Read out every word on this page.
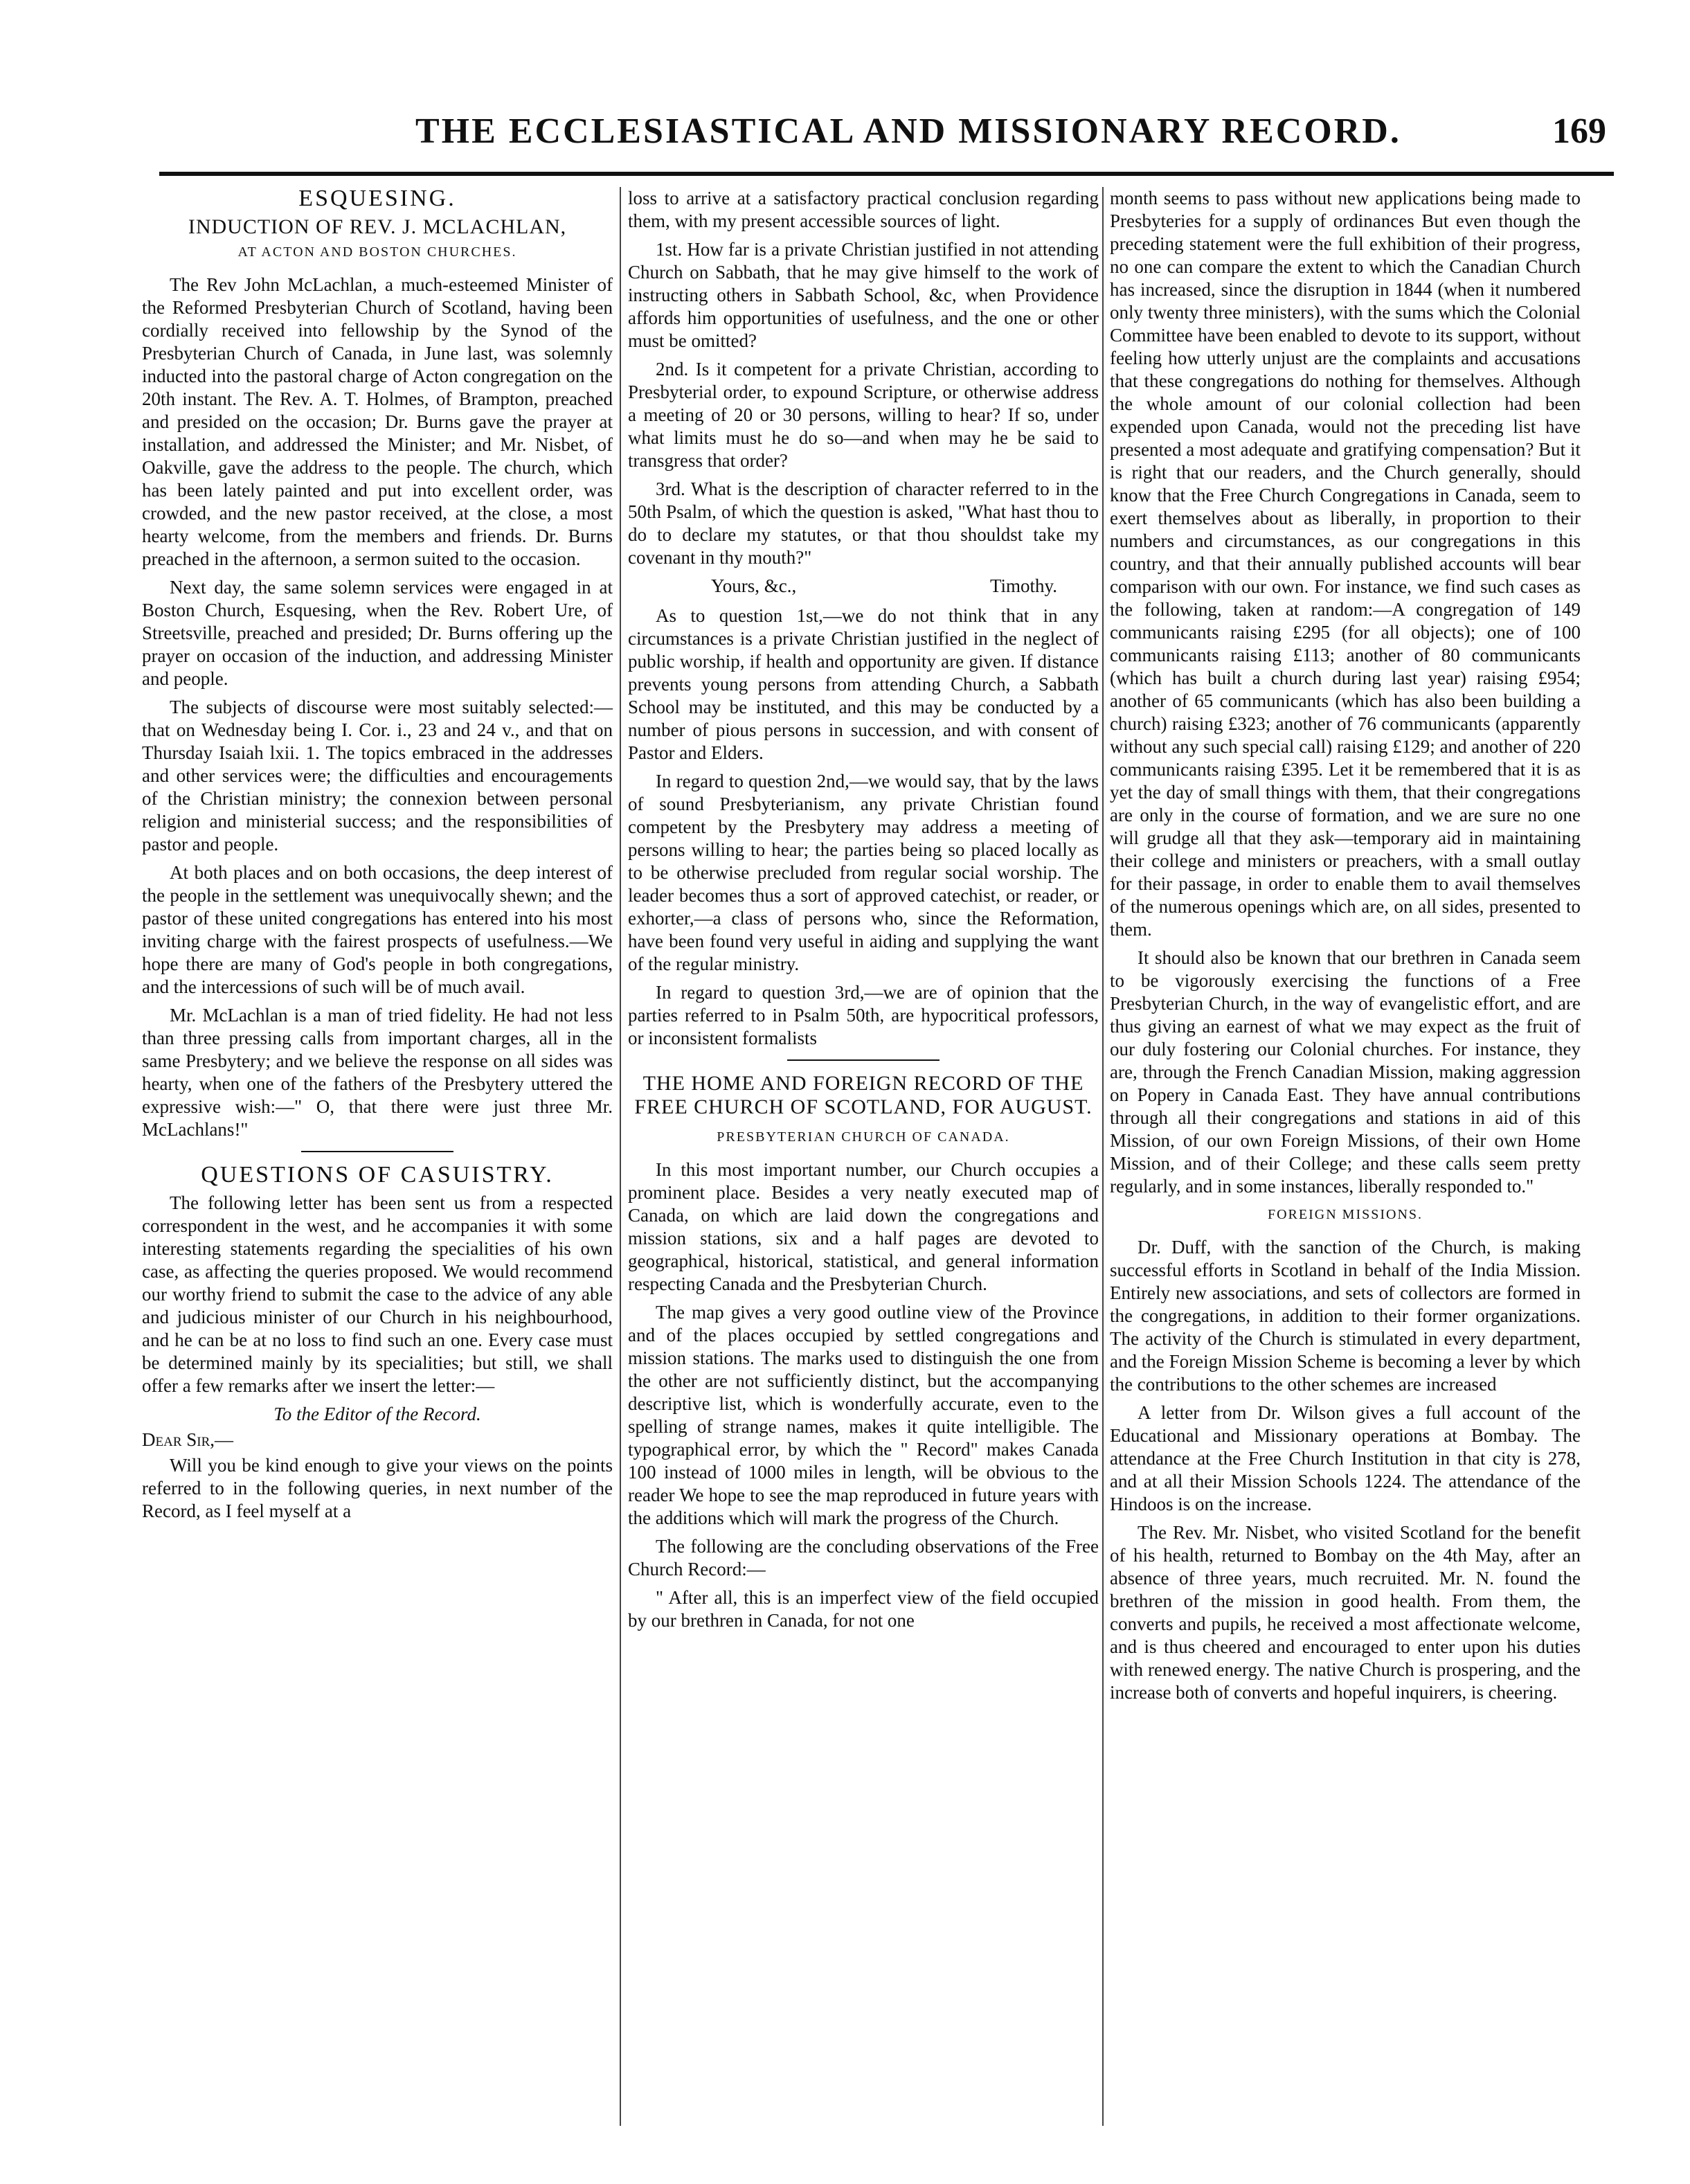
THE ECCLESIASTICAL AND MISSIONARY RECORD.	169
ESQUESING.
INDUCTION OF REV. J. MCLACHLAN,
AT ACTON AND BOSTON CHURCHES.

The Rev John McLachlan, a much-esteemed Minister of the Reformed Presbyterian Church of Scotland, having been cordially received into fellowship by the Synod of the Presbyterian Church of Canada, in June last, was solemnly inducted into the pastoral charge of Acton congregation on the 20th instant. The Rev. A. T. Holmes, of Brampton, preached and presided on the occasion; Dr. Burns gave the prayer at installation, and addressed the Minister; and Mr. Nisbet, of Oakville, gave the address to the people. The church, which has been lately painted and put into excellent order, was crowded, and the new pastor received, at the close, a most hearty welcome, from the members and friends. Dr. Burns preached in the afternoon, a sermon suited to the occasion.

Next day, the same solemn services were engaged in at Boston Church, Esquesing, when the Rev. Robert Ure, of Streetsville, preached and presided; Dr. Burns offering up the prayer on occasion of the induction, and addressing Minister and people.

The subjects of discourse were most suitably selected:—that on Wednesday being I. Cor. i., 23 and 24 v., and that on Thursday Isaiah lxii. 1. The topics embraced in the addresses and other services were; the difficulties and encouragements of the Christian ministry; the connexion between personal religion and ministerial success; and the responsibilities of pastor and people.

At both places and on both occasions, the deep interest of the people in the settlement was unequivocally shewn; and the pastor of these united congregations has entered into his most inviting charge with the fairest prospects of usefulness.—We hope there are many of God's people in both congregations, and the intercessions of such will be of much avail.

Mr. McLachlan is a man of tried fidelity. He had not less than three pressing calls from important charges, all in the same Presbytery; and we believe the response on all sides was hearty, when one of the fathers of the Presbytery uttered the expressive wish:—" O, that there were just three Mr. McLachlans!"

QUESTIONS OF CASUISTRY.

The following letter has been sent us from a respected correspondent in the west, and he accompanies it with some interesting statements regarding the specialities of his own case, as affecting the queries proposed. We would recommend our worthy friend to submit the case to the advice of any able and judicious minister of our Church in his neighbourhood, and he can be at no loss to find such an one. Every case must be determined mainly by its specialities; but still, we shall offer a few remarks after we insert the letter:—

To the Editor of the Record.

Dear Sir,—

Will you be kind enough to give your views on the points referred to in the following queries, in next number of the Record, as I feel myself at a

loss to arrive at a satisfactory practical conclusion regarding them, with my present accessible sources of light.

1st. How far is a private Christian justified in not attending Church on Sabbath, that he may give himself to the work of instructing others in Sabbath School, &c, when Providence affords him opportunities of usefulness, and the one or other must be omitted?

2nd. Is it competent for a private Christian, according to Presbyterial order, to expound Scripture, or otherwise address a meeting of 20 or 30 persons, willing to hear? If so, under what limits must he do so—and when may he be said to transgress that order?

3rd. What is the description of character referred to in the 50th Psalm, of which the question is asked, "What hast thou to do to declare my statutes, or that thou shouldst take my covenant in thy mouth?"

Yours, &c.,	Timothy.

As to question 1st,—we do not think that in any circumstances is a private Christian justified in the neglect of public worship, if health and opportunity are given. If distance prevents young persons from attending Church, a Sabbath School may be instituted, and this may be conducted by a number of pious persons in succession, and with consent of Pastor and Elders.

In regard to question 2nd,—we would say, that by the laws of sound Presbyterianism, any private Christian found competent by the Presbytery may address a meeting of persons willing to hear; the parties being so placed locally as to be otherwise precluded from regular social worship. The leader becomes thus a sort of approved catechist, or reader, or exhorter,—a class of persons who, since the Reformation, have been found very useful in aiding and supplying the want of the regular ministry.

In regard to question 3rd,—we are of opinion that the parties referred to in Psalm 50th, are hypocritical professors, or inconsistent formalists

THE HOME AND FOREIGN RECORD OF THE FREE CHURCH OF SCOTLAND, FOR AUGUST.
PRESBYTERIAN CHURCH OF CANADA.

In this most important number, our Church occupies a prominent place. Besides a very neatly executed map of Canada, on which are laid down the congregations and mission stations, six and a half pages are devoted to geographical, historical, statistical, and general information respecting Canada and the Presbyterian Church.

The map gives a very good outline view of the Province and of the places occupied by settled congregations and mission stations. The marks used to distinguish the one from the other are not sufficiently distinct, but the accompanying descriptive list, which is wonderfully accurate, even to the spelling of strange names, makes it quite intelligible. The typographical error, by which the " Record" makes Canada 100 instead of 1000 miles in length, will be obvious to the reader We hope to see the map reproduced in future years with the additions which will mark the progress of the Church.

The following are the concluding observations of the Free Church Record:—

" After all, this is an imperfect view of the field occupied by our brethren in Canada, for not one

month seems to pass without new applications being made to Presbyteries for a supply of ordinances But even though the preceding statement were the full exhibition of their progress, no one can compare the extent to which the Canadian Church has increased, since the disruption in 1844 (when it numbered only twenty three ministers), with the sums which the Colonial Committee have been enabled to devote to its support, without feeling how utterly unjust are the complaints and accusations that these congregations do nothing for themselves. Although the whole amount of our colonial collection had been expended upon Canada, would not the preceding list have presented a most adequate and gratifying compensation? But it is right that our readers, and the Church generally, should know that the Free Church Congregations in Canada, seem to exert themselves about as liberally, in proportion to their numbers and circumstances, as our congregations in this country, and that their annually published accounts will bear comparison with our own. For instance, we find such cases as the following, taken at random:—A congregation of 149 communicants raising £295 (for all objects); one of 100 communicants raising £113; another of 80 communicants (which has built a church during last year) raising £954; another of 65 communicants (which has also been building a church) raising £323; another of 76 communicants (apparently without any such special call) raising £129; and another of 220 communicants raising £395. Let it be remembered that it is as yet the day of small things with them, that their congregations are only in the course of formation, and we are sure no one will grudge all that they ask—temporary aid in maintaining their college and ministers or preachers, with a small outlay for their passage, in order to enable them to avail themselves of the numerous openings which are, on all sides, presented to them.

It should also be known that our brethren in Canada seem to be vigorously exercising the functions of a Free Presbyterian Church, in the way of evangelistic effort, and are thus giving an earnest of what we may expect as the fruit of our duly fostering our Colonial churches. For instance, they are, through the French Canadian Mission, making aggression on Popery in Canada East. They have annual contributions through all their congregations and stations in aid of this Mission, of our own Foreign Missions, of their own Home Mission, and of their College; and these calls seem pretty regularly, and in some instances, liberally responded to."

FOREIGN MISSIONS.

Dr. Duff, with the sanction of the Church, is making successful efforts in Scotland in behalf of the India Mission. Entirely new associations, and sets of collectors are formed in the congregations, in addition to their former organizations. The activity of the Church is stimulated in every department, and the Foreign Mission Scheme is becoming a lever by which the contributions to the other schemes are increased

A letter from Dr. Wilson gives a full account of the Educational and Missionary operations at Bombay. The attendance at the Free Church Institution in that city is 278, and at all their Mission Schools 1224. The attendance of the Hindoos is on the increase.

The Rev. Mr. Nisbet, who visited Scotland for the benefit of his health, returned to Bombay on the 4th May, after an absence of three years, much recruited. Mr. N. found the brethren of the mission in good health. From them, the converts and pupils, he received a most affectionate welcome, and is thus cheered and encouraged to enter upon his duties with renewed energy. The native Church is prospering, and the increase both of converts and hopeful inquirers, is cheering.
